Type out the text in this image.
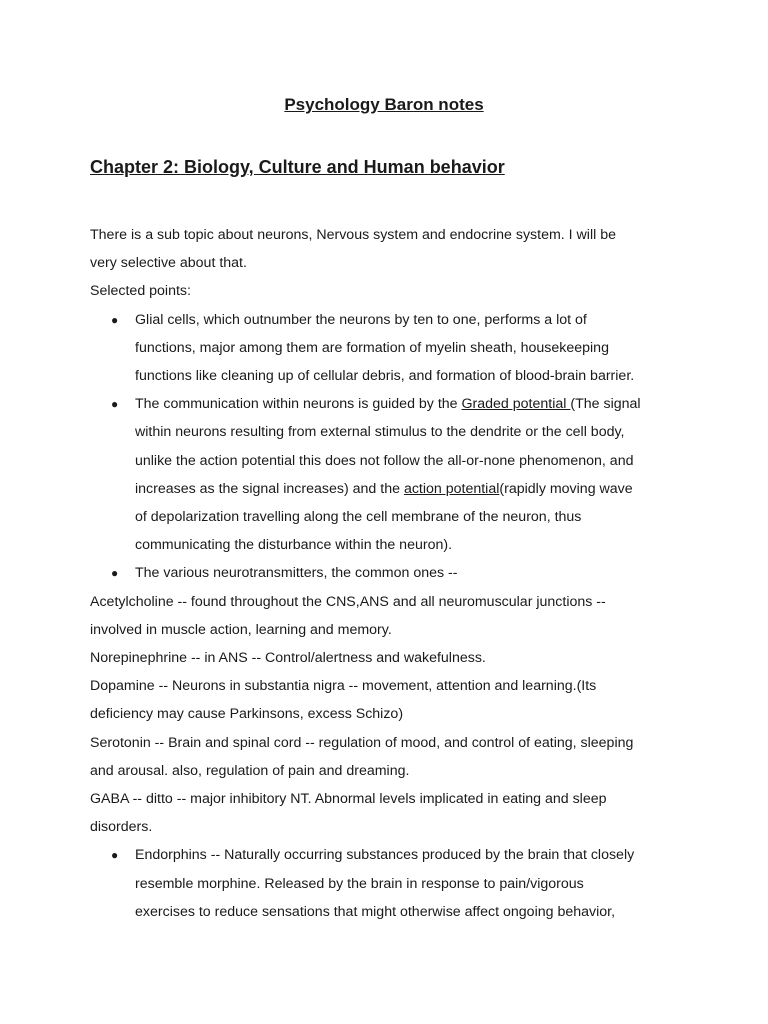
Psychology Baron notes
Chapter 2: Biology, Culture and Human behavior

There is a sub topic about neurons, Nervous system and endocrine system. I will be

very selective about that.

Selected points:

● Glial cells, which outnumber the neurons by ten to one, performs a lot of

functions, major among them are formation of myelin sheath, housekeeping

functions like cleaning up of cellular debris, and formation of blood-brain barrier.

● The communication within neurons is guided by the Graded potential (The signal

within neurons resulting from external stimulus to the dendrite or the cell body,

unlike the action potential this does not follow the all-or-none phenomenon, and

increases as the signal increases) and the action potential(rapidly moving wave

of depolarization travelling along the cell membrane of the neuron, thus

communicating the disturbance within the neuron).

● The various neurotransmitters, the common ones --

Acetylcholine -- found throughout the CNS,ANS and all neuromuscular junctions --

involved in muscle action, learning and memory.

Norepinephrine -- in ANS -- Control/alertness and wakefulness.

Dopamine -- Neurons in substantia nigra -- movement, attention and learning.(Its

deficiency may cause Parkinsons, excess Schizo)

Serotonin -- Brain and spinal cord -- regulation of mood, and control of eating, sleeping

and arousal. also, regulation of pain and dreaming.

GABA -- ditto -- major inhibitory NT. Abnormal levels implicated in eating and sleep

disorders.

● Endorphins -- Naturally occurring substances produced by the brain that closely

resemble morphine. Released by the brain in response to pain/vigorous

exercises to reduce sensations that might otherwise affect ongoing behavior,
